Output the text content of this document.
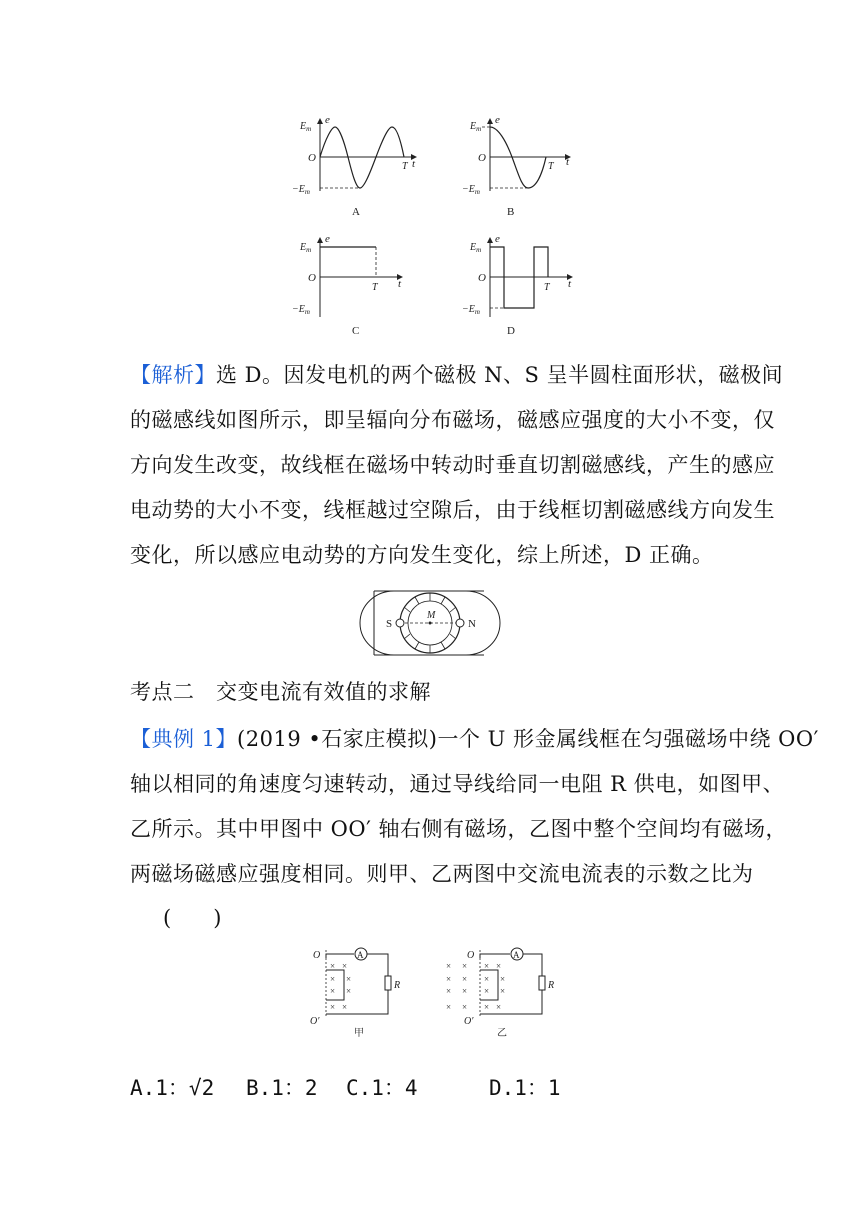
$E_m$
e
O	t
T
$-E_m$
A
$E_m$
e
O	t
T
$-E_m$
B
$E_m$
e
O	t
T
$-E_m$
C
$E_m$
e
O	t
T
$-E_m$
D
【解析】选 D。因发电机的两个磁极 N、S 呈半圆柱面形状，磁极间
的磁感线如图所示，即呈辐向分布磁场，磁感应强度的大小不变，仅
方向发生改变，故线框在磁场中转动时垂直切割磁感线，产生的感应
电动势的大小不变，线框越过空隙后，由于线框切割磁感线方向发生
变化，所以感应电动势的方向发生变化，综上所述，D 正确。
S	N
M
考点二　交变电流有效值的求解
【典例 1】(2019 •石家庄模拟)一个 U 形金属线框在匀强磁场中绕 OO′
轴以相同的角速度匀速转动，通过导线给同一电阻 R 供电，如图甲、
乙所示。其中甲图中 OO′ 轴右侧有磁场，乙图中整个空间均有磁场，
两磁场磁感应强度相同。则甲、乙两图中交流电流表的示数之比为
(　　)
A
R
× ×
× ×
× ×
× ×
O
O′
甲
A
R
× ×
× ×
× ×
× ×
× ×
× ×
× ×
× ×
O
O′
乙
A.1：√2 B.1：2 C.1：4	D.1：1
